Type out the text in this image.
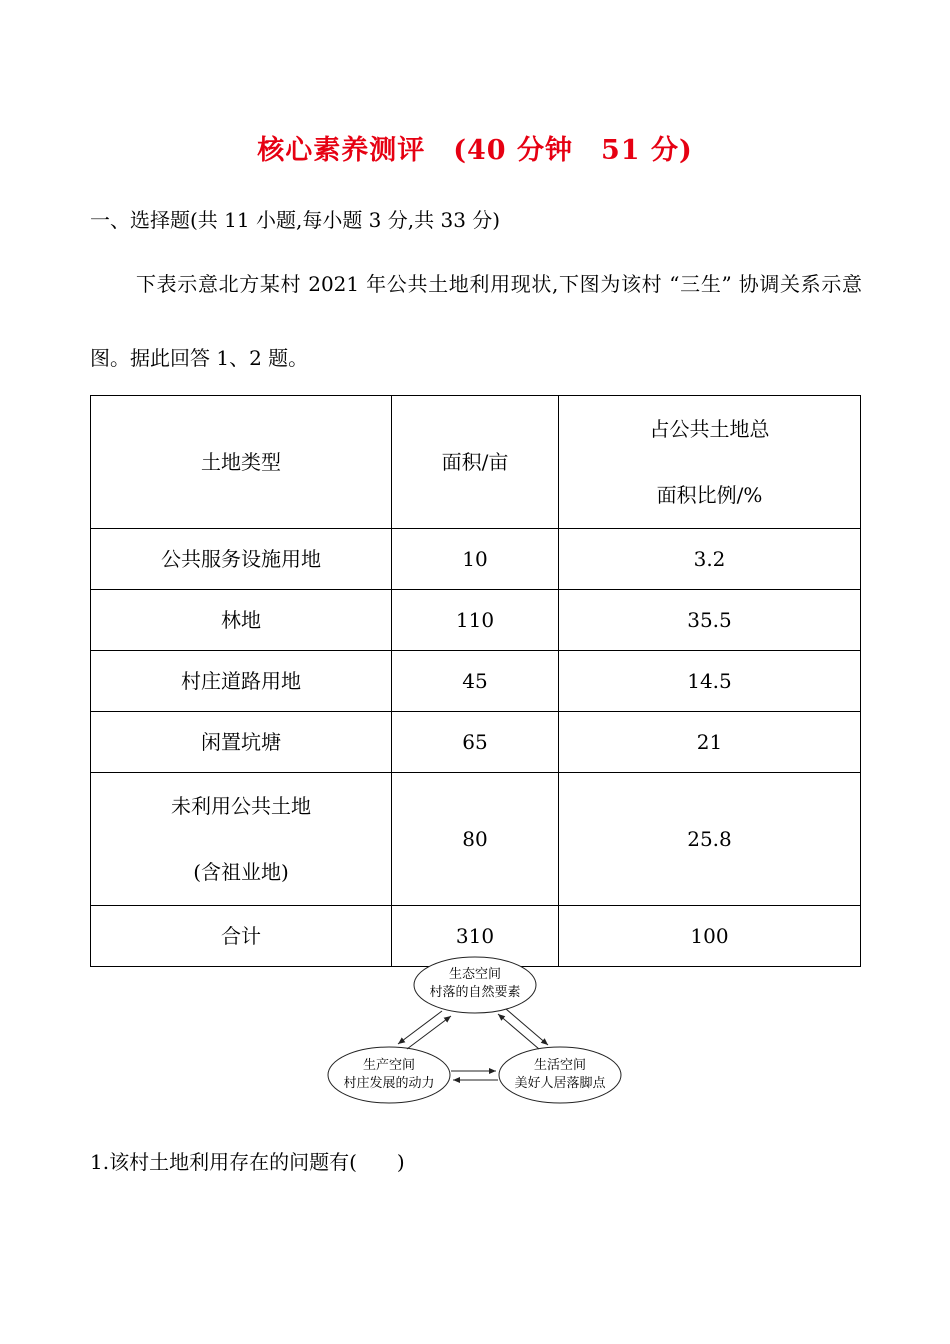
核心素养测评　(40 分钟　51 分)
一、选择题(共 11 小题,每小题 3 分,共 33 分)
下表示意北方某村 2021 年公共土地利用现状,下图为该村 “三生” 协调关系示意图。据此回答 1、2 题。
土地类型	面积/亩	占公共土地总
面积比例/%

公共服务设施用地	10	3.2
林地	110	35.5
村庄道路用地	45	14.5
闲置坑塘	65	21

未利用公共土地
(含祖业地)	80	25.8
合计	310	100
生态空间
村落的自然要素
生产空间
村庄发展的动力
生活空间
美好人居落脚点
1.该村土地利用存在的问题有(　　)
